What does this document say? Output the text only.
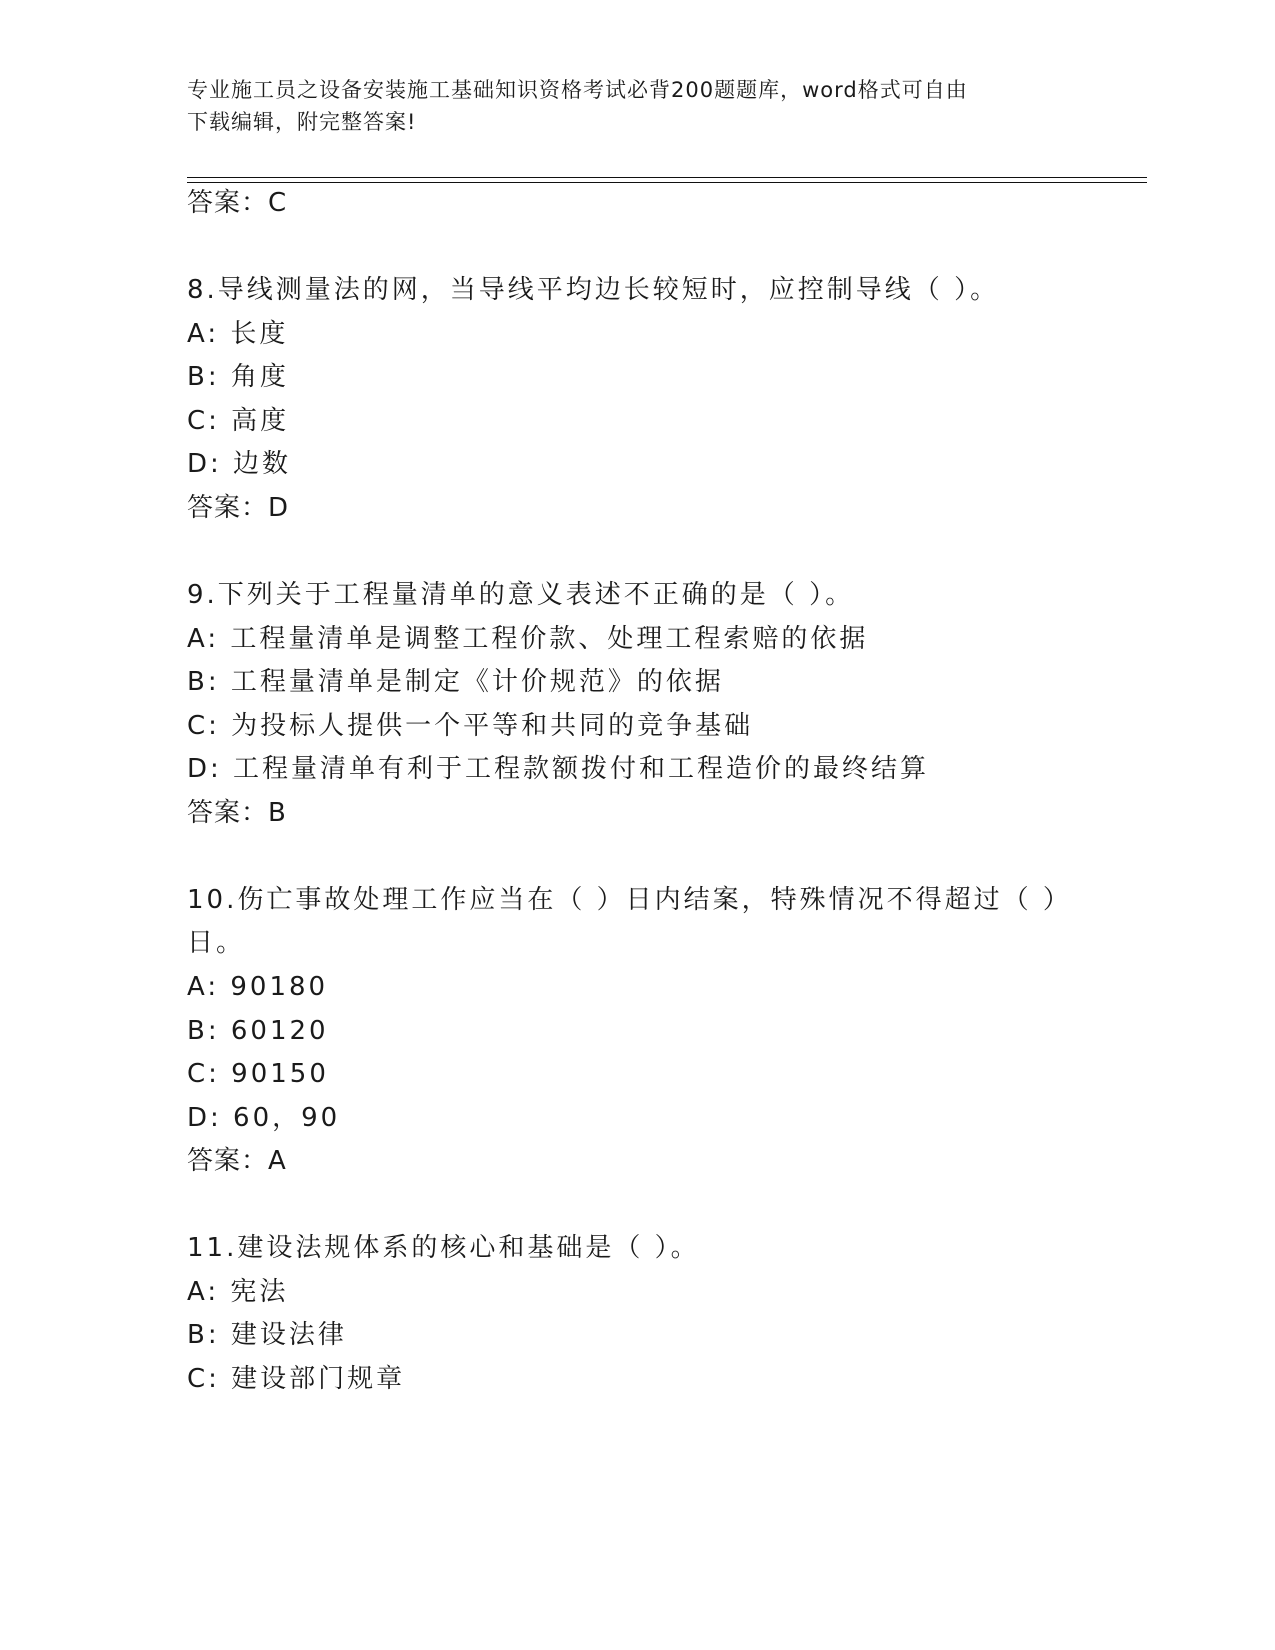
专业施工员之设备安装施工基础知识资格考试必背200题题库，word格式可自由
下载编辑，附完整答案!
答案：C
8.导线测量法的网，当导线平均边长较短时，应控制导线（ ）。
A: 长度
B: 角度
C: 高度
D: 边数
答案：D
9.下列关于工程量清单的意义表述不正确的是（ ）。
A: 工程量清单是调整工程价款、处理工程索赔的依据
B: 工程量清单是制定《计价规范》的依据
C: 为投标人提供一个平等和共同的竞争基础
D: 工程量清单有利于工程款额拨付和工程造价的最终结算
答案：B
10.伤亡事故处理工作应当在（ ）日内结案，特殊情况不得超过（ ）
日。
A: 90180
B: 60120
C: 90150
D: 60，90
答案：A
11.建设法规体系的核心和基础是（ ）。
A: 宪法
B: 建设法律
C: 建设部门规章
